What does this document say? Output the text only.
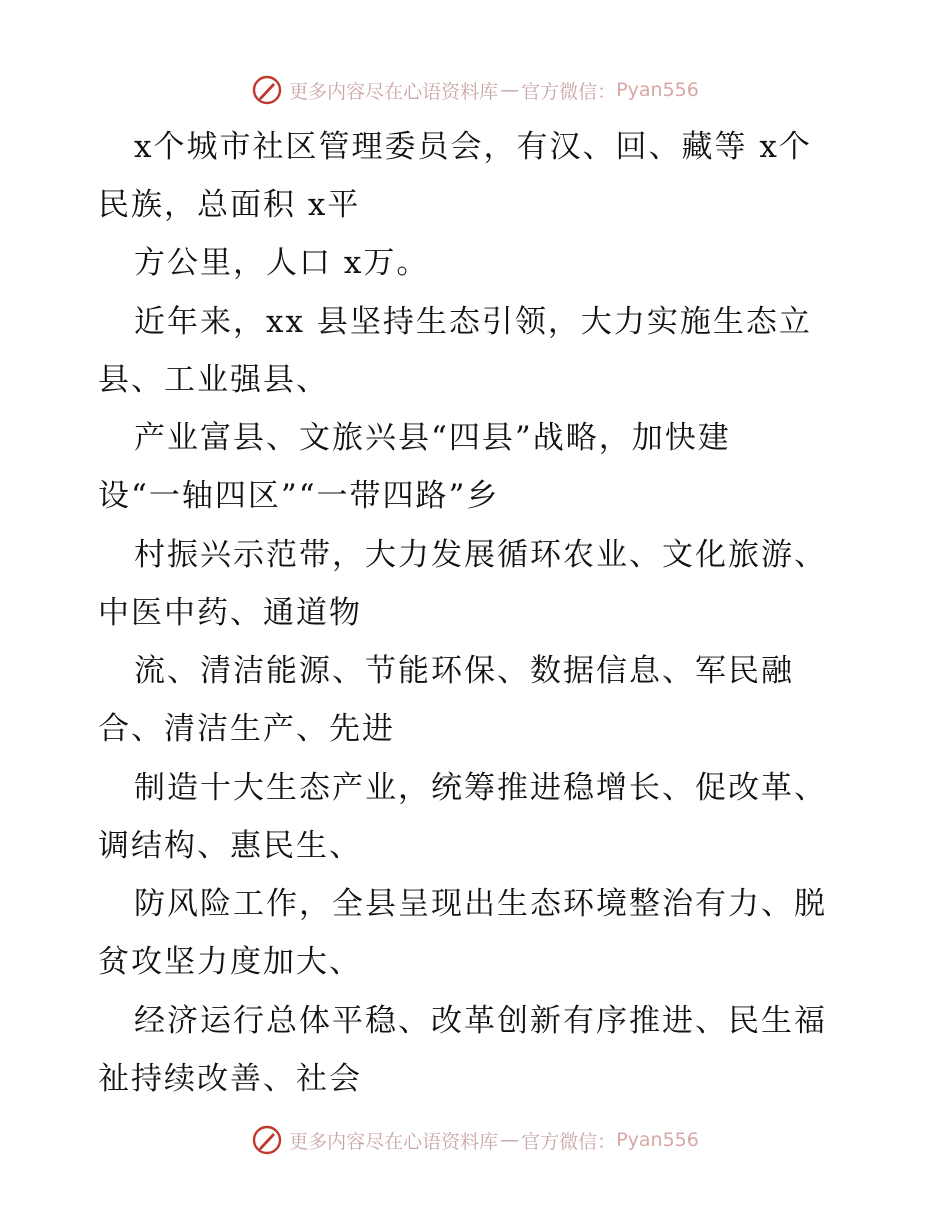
更多内容尽在心语资料库 — 官方微信： Pyan556
x个城市社区管理委员会，有汉、回、藏等 x个
民族，总面积 x平
方公里，人口 x万。
近年来，xx 县坚持生态引领，大力实施生态立
县、工业强县、
产业富县、文旅兴县“四县”战略，加快建
设“一轴四区”“一带四路”乡
村振兴示范带，大力发展循环农业、文化旅游、
中医中药、通道物
流、清洁能源、节能环保、数据信息、军民融
合、清洁生产、先进
制造十大生态产业，统筹推进稳增长、促改革、
调结构、惠民生、
防风险工作，全县呈现出生态环境整治有力、脱
贫攻坚力度加大、
经济运行总体平稳、改革创新有序推进、民生福
祉持续改善、社会
更多内容尽在心语资料库 — 官方微信： Pyan556
